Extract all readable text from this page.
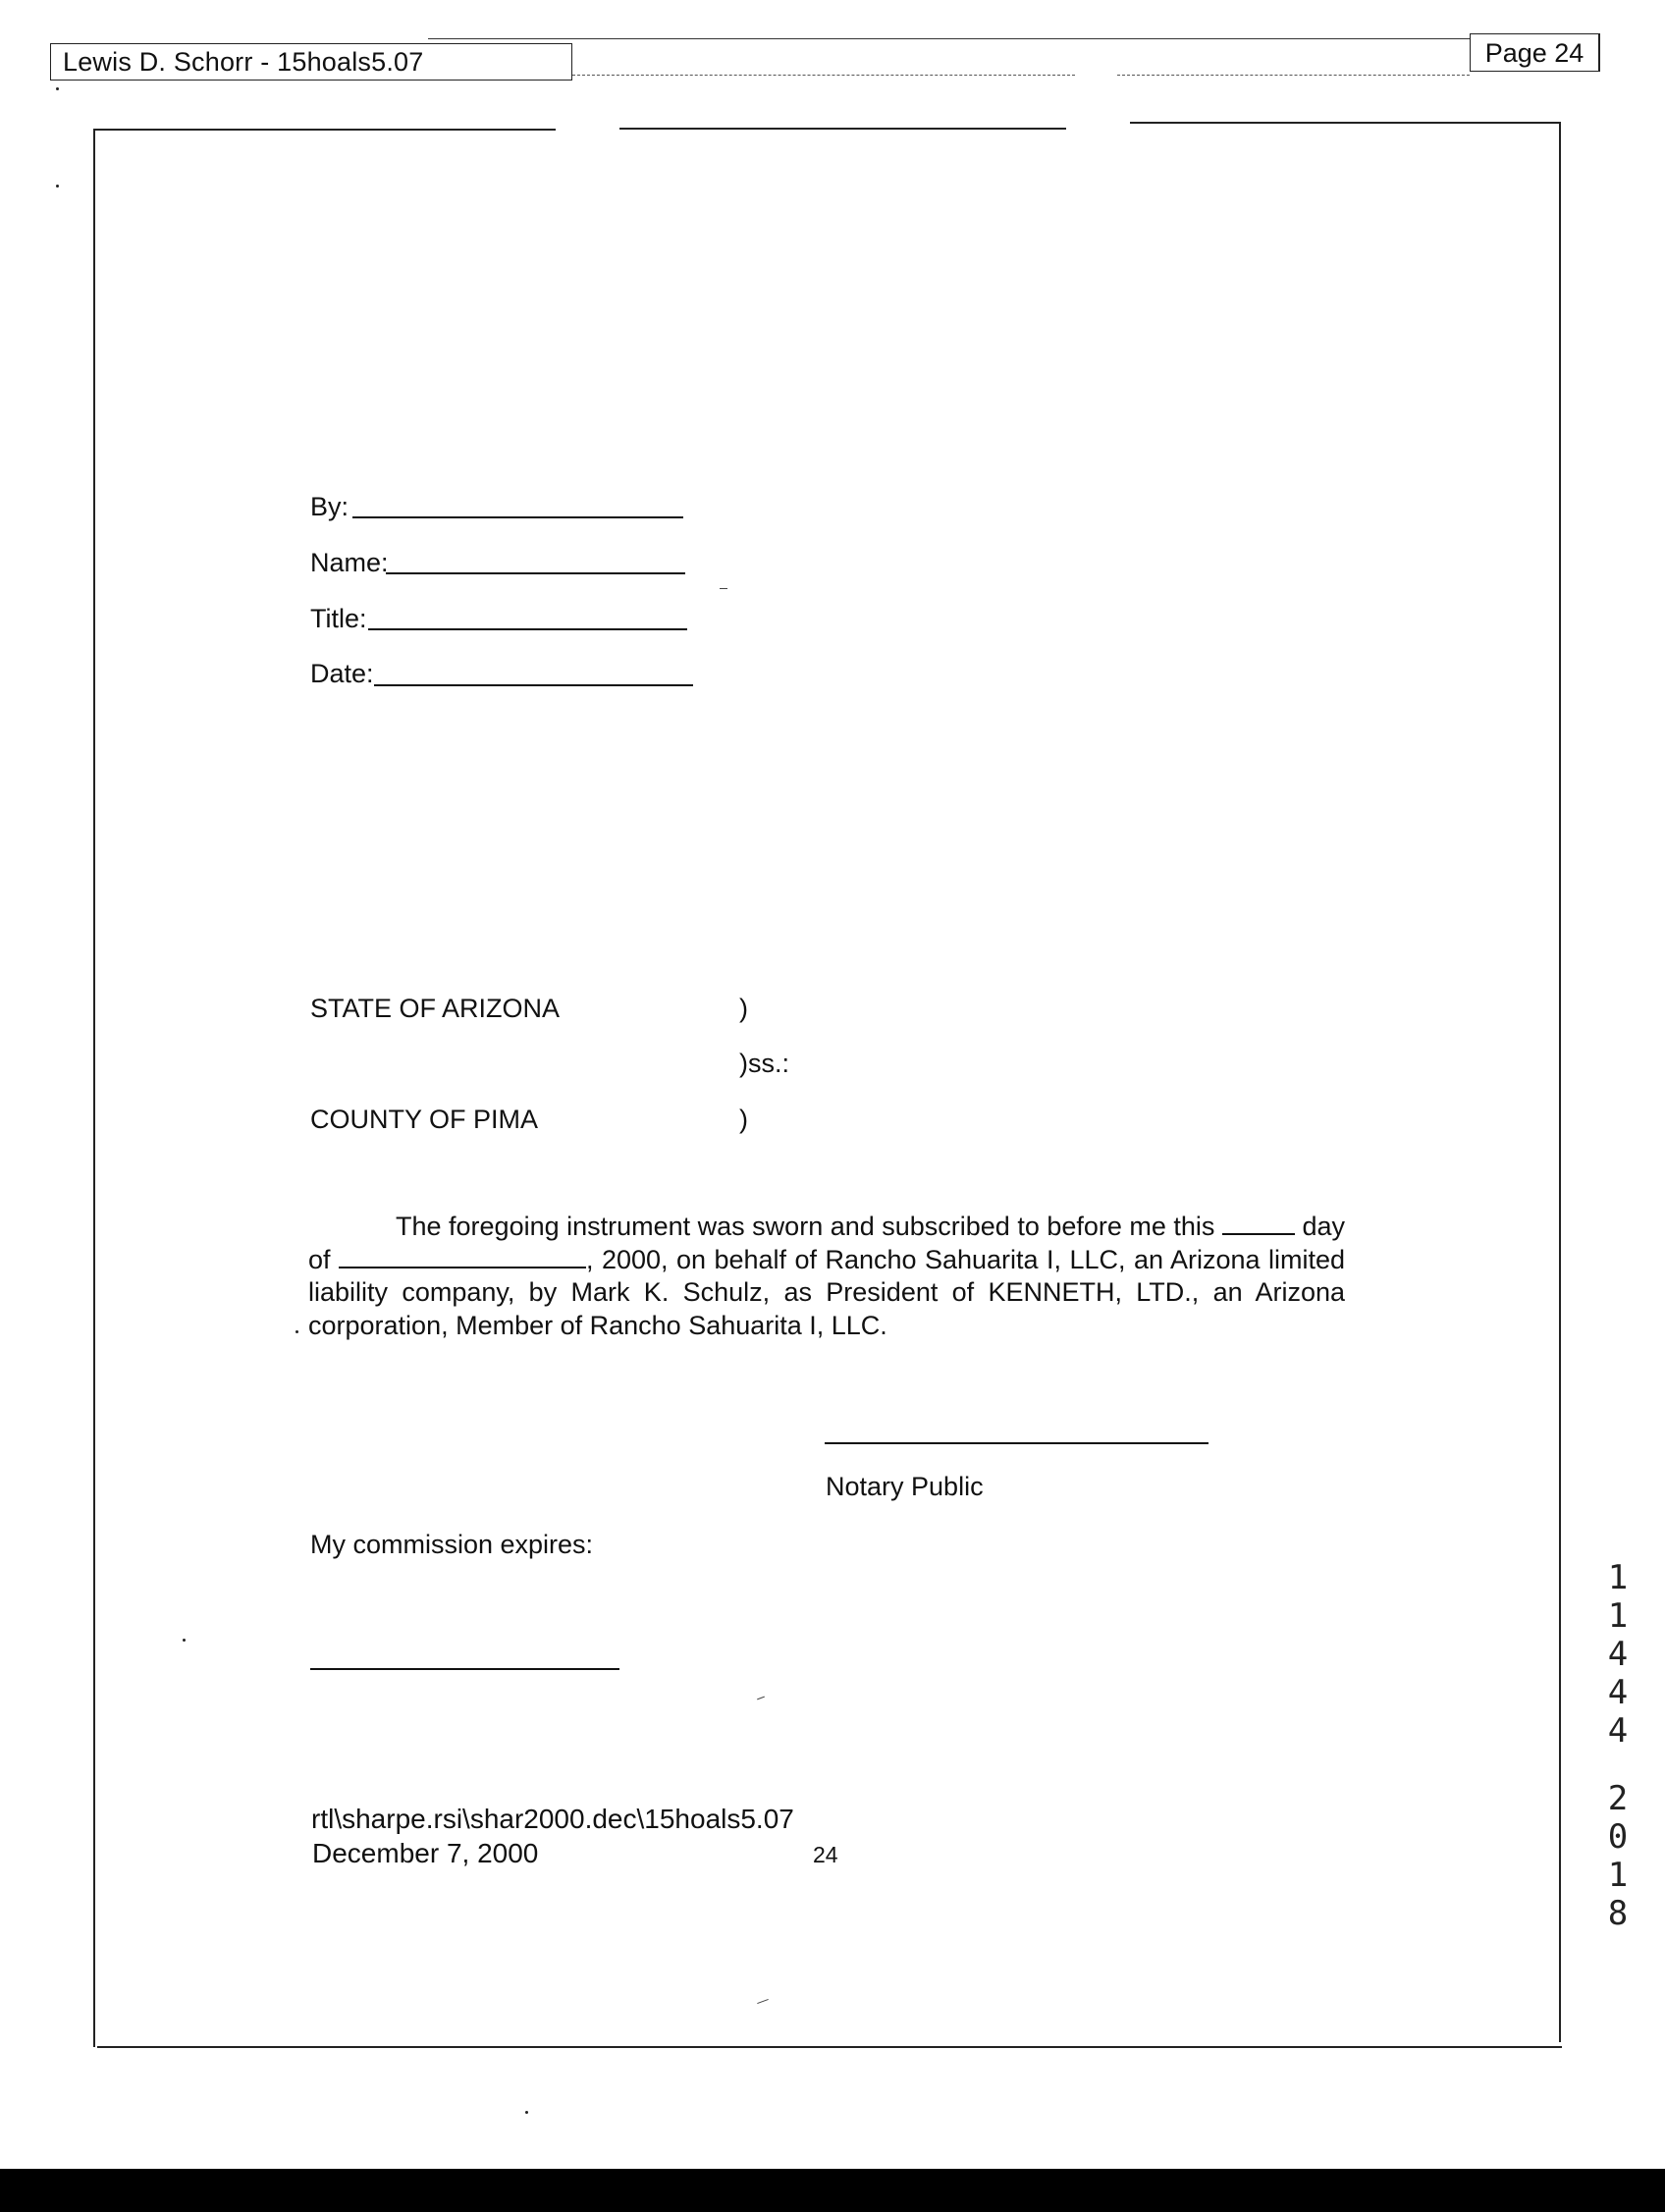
Lewis D. Schorr - 15hoals5.07	Page 24
By:
Name:
Title:
Date:
STATE OF ARIZONA	)
)ss.:
COUNTY OF PIMA	)
The foregoing instrument was sworn and subscribed to before me this	day of	, 2000, on behalf of Rancho Sahuarita I, LLC, an Arizona limited liability company, by Mark K. Schulz, as President of KENNETH, LTD., an Arizona corporation, Member of Rancho Sahuarita I, LLC.
Notary Public
My commission expires:
rtl\sharpe.rsi\shar2000.dec\15hoals5.07
December 7, 2000	24
1
1
4
4
4
2
0
1
8
